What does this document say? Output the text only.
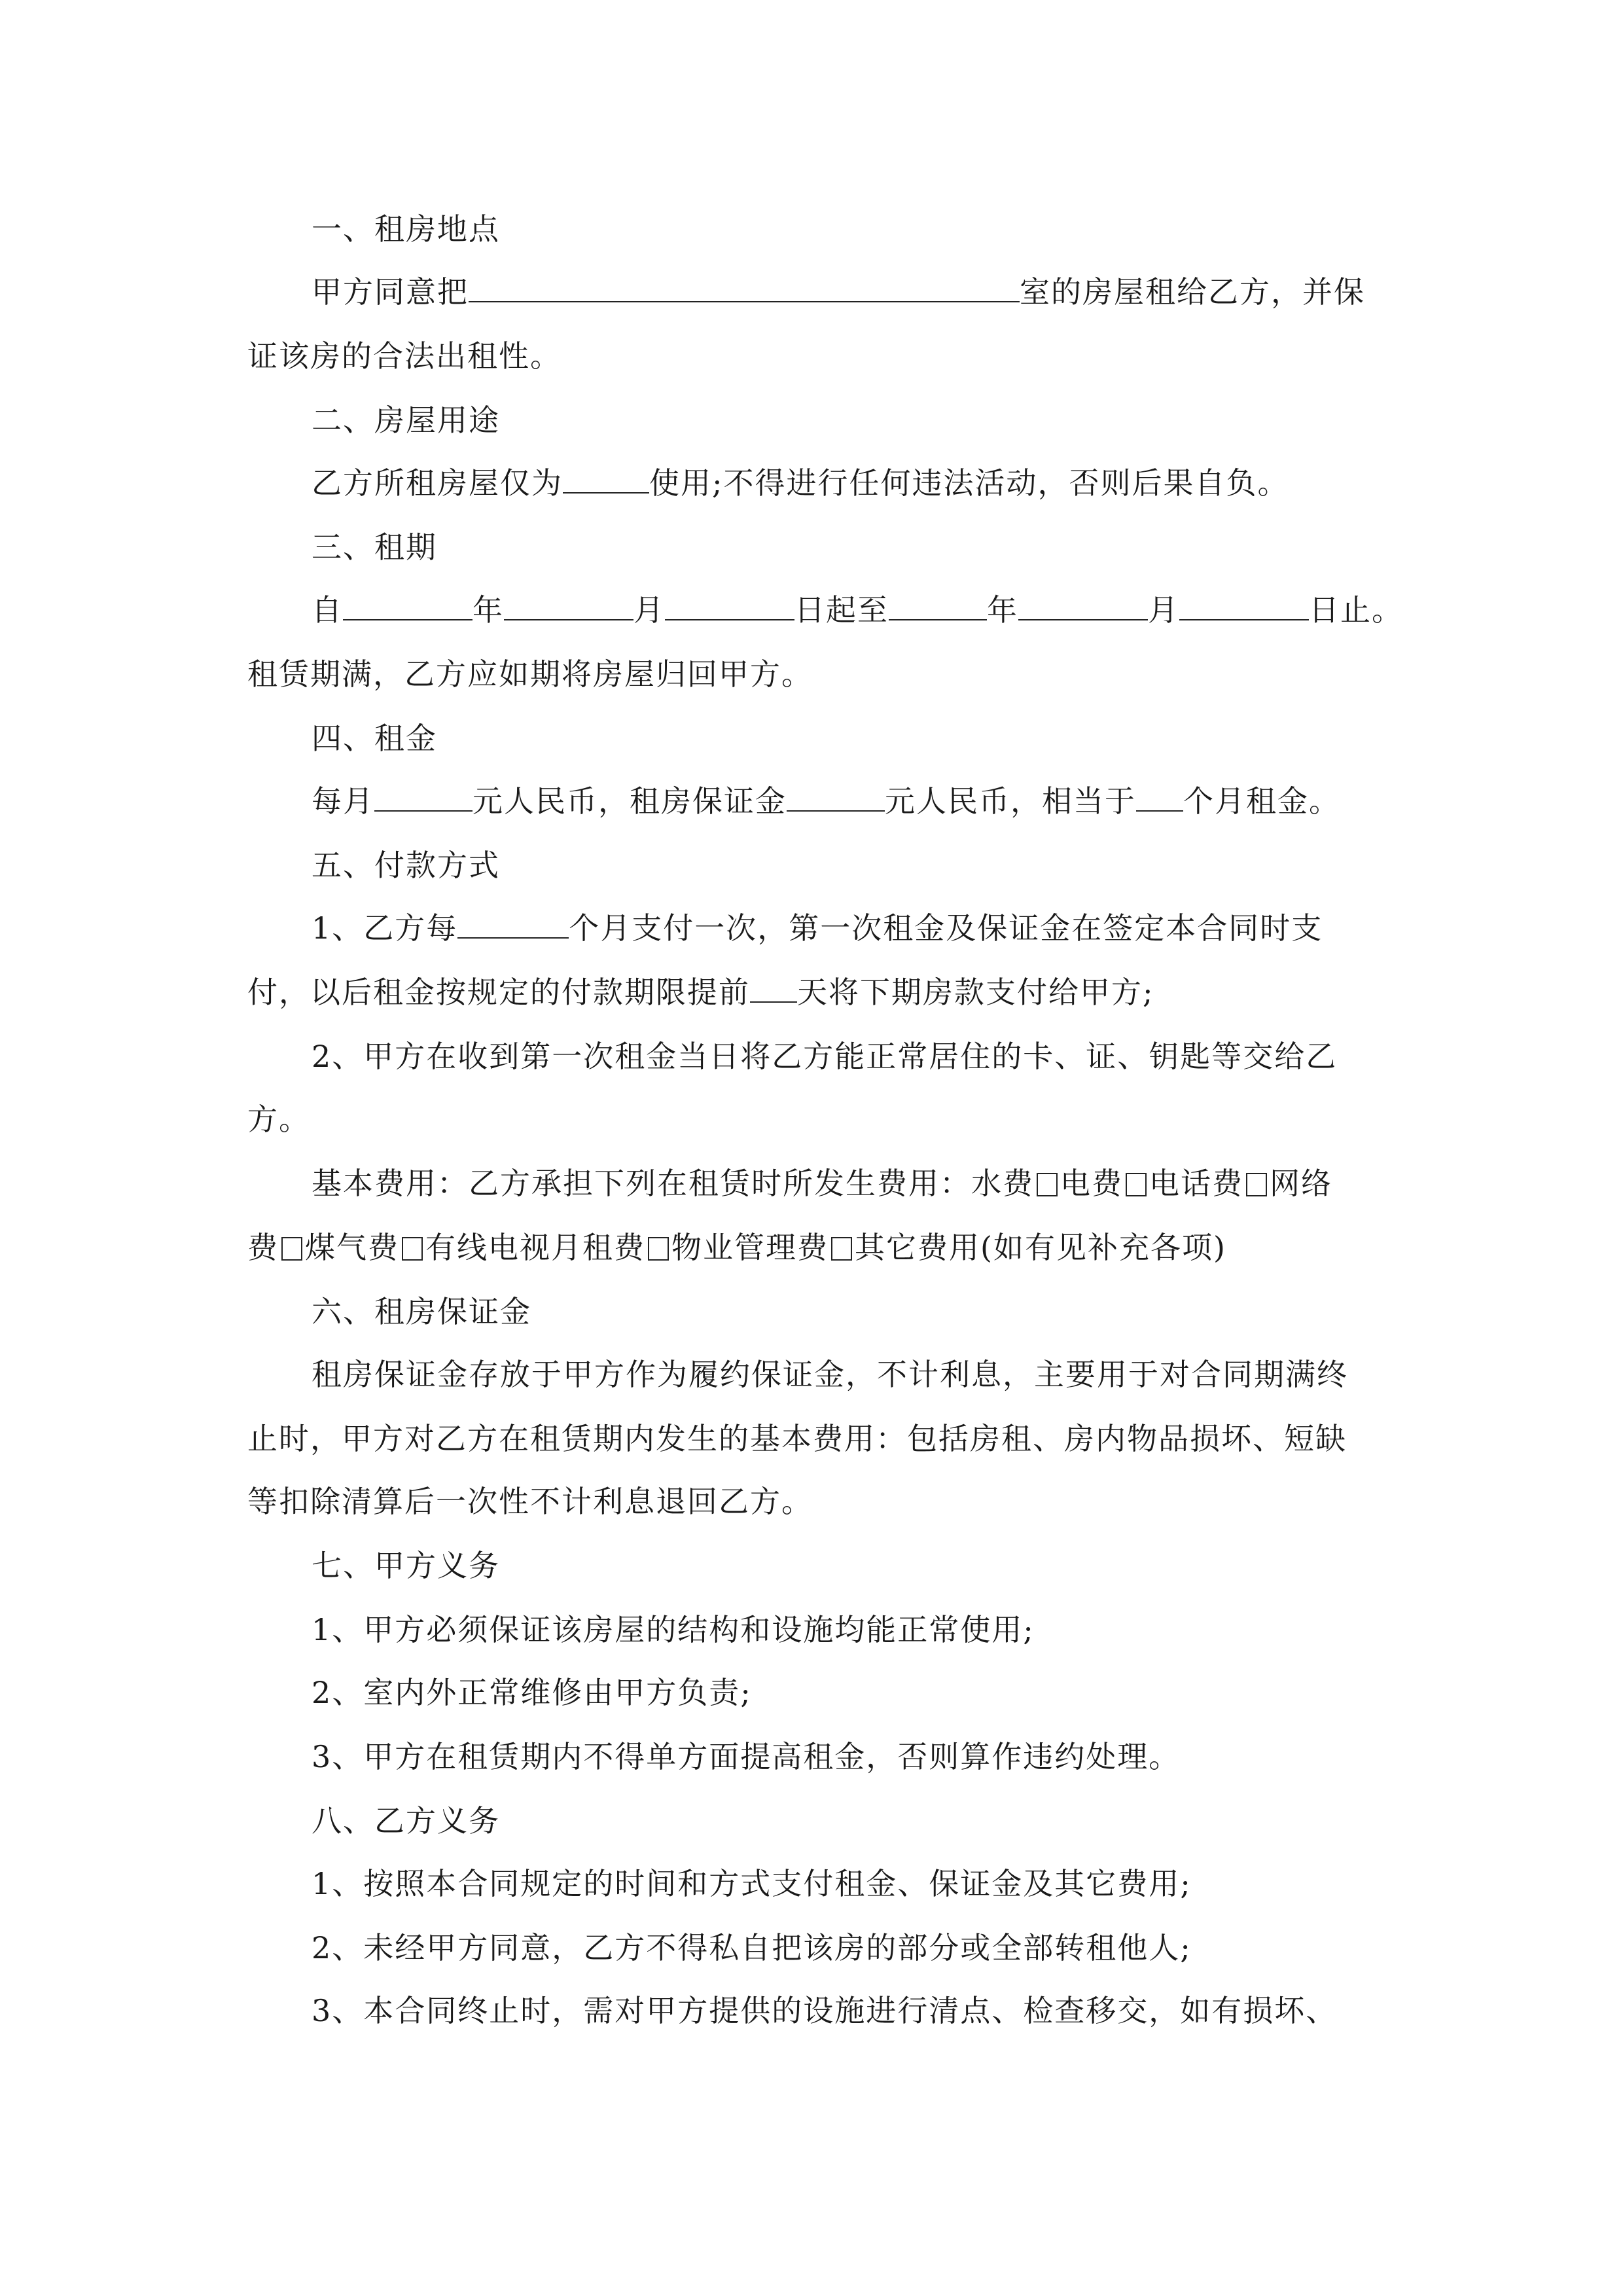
一、租房地点
甲方同意把	室的房屋租给乙方，并保
证该房的合法出租性。
二、房屋用途
乙方所租房屋仅为	使用;不得进行任何违法活动，否则后果自负。
三、租期
自	年	月	日起至	年	月	日止。
租赁期满，乙方应如期将房屋归回甲方。
四、租金
每月	元人民币，租房保证金	元人民币，相当于 个月租金。
五、付款方式
1、乙方每	个月支付一次，第一次租金及保证金在签定本合同时支
付，以后租金按规定的付款期限提前 天将下期房款支付给甲方;
2、甲方在收到第一次租金当日将乙方能正常居住的卡、证、钥匙等交给乙
方。
基本费用：乙方承担下列在租赁时所发生费用：水费 电费 电话费 网络
费 煤气费 有线电视月租费 物业管理费 其它费用(如有见补充各项)
六、租房保证金
租房保证金存放于甲方作为履约保证金，不计利息，主要用于对合同期满终
止时，甲方对乙方在租赁期内发生的基本费用：包括房租、房内物品损坏、短缺
等扣除清算后一次性不计利息退回乙方。
七、甲方义务
1、甲方必须保证该房屋的结构和设施均能正常使用;
2、室内外正常维修由甲方负责;
3、甲方在租赁期内不得单方面提高租金，否则算作违约处理。
八、乙方义务
1、按照本合同规定的时间和方式支付租金、保证金及其它费用;
2、未经甲方同意，乙方不得私自把该房的部分或全部转租他人;
3、本合同终止时，需对甲方提供的设施进行清点、检查移交，如有损坏、
